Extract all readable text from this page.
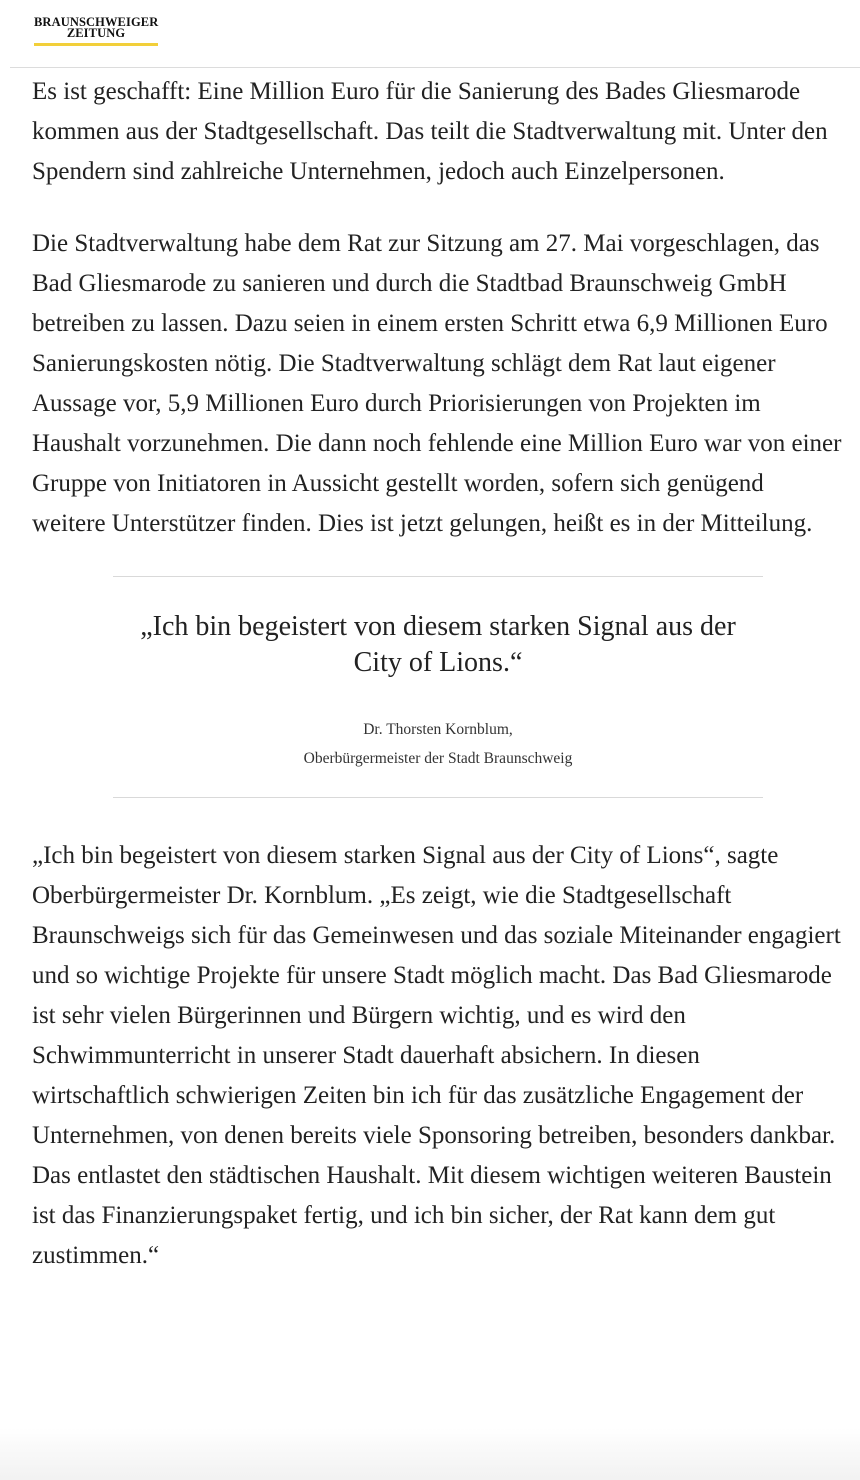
BRAUNSCHWEIGER
ZEITUNG

Es ist geschafft: Eine Million Euro für die Sanierung des Bades Gliesmarode kommen aus der Stadtgesellschaft. Das teilt die Stadtverwaltung mit. Unter den Spendern sind zahlreiche Unternehmen, jedoch auch Einzelpersonen.

Die Stadtverwaltung habe dem Rat zur Sitzung am 27. Mai vorgeschlagen, das Bad Gliesmarode zu sanieren und durch die Stadtbad Braunschweig GmbH betreiben zu lassen. Dazu seien in einem ersten Schritt etwa 6,9 Millionen Euro Sanierungskosten nötig. Die Stadtverwaltung schlägt dem Rat laut eigener Aussage vor, 5,9 Millionen Euro durch Priorisierungen von Projekten im Haushalt vorzunehmen. Die dann noch fehlende eine Million Euro war von einer Gruppe von Initiatoren in Aussicht gestellt worden, sofern sich genügend weitere Unterstützer finden. Dies ist jetzt gelungen, heißt es in der Mitteilung.

„Ich bin begeistert von diesem starken Signal aus der City of Lions.“

Dr. Thorsten Kornblum,
Oberbürgermeister der Stadt Braunschweig

„Ich bin begeistert von diesem starken Signal aus der City of Lions“, sagte Oberbürgermeister Dr. Kornblum. „Es zeigt, wie die Stadtgesellschaft Braunschweigs sich für das Gemeinwesen und das soziale Miteinander engagiert und so wichtige Projekte für unsere Stadt möglich macht. Das Bad Gliesmarode ist sehr vielen Bürgerinnen und Bürgern wichtig, und es wird den Schwimmunterricht in unserer Stadt dauerhaft absichern. In diesen wirtschaftlich schwierigen Zeiten bin ich für das zusätzliche Engagement der Unternehmen, von denen bereits viele Sponsoring betreiben, besonders dankbar. Das entlastet den städtischen Haushalt. Mit diesem wichtigen weiteren Baustein ist das Finanzierungspaket fertig, und ich bin sicher, der Rat kann dem gut zustimmen.“
